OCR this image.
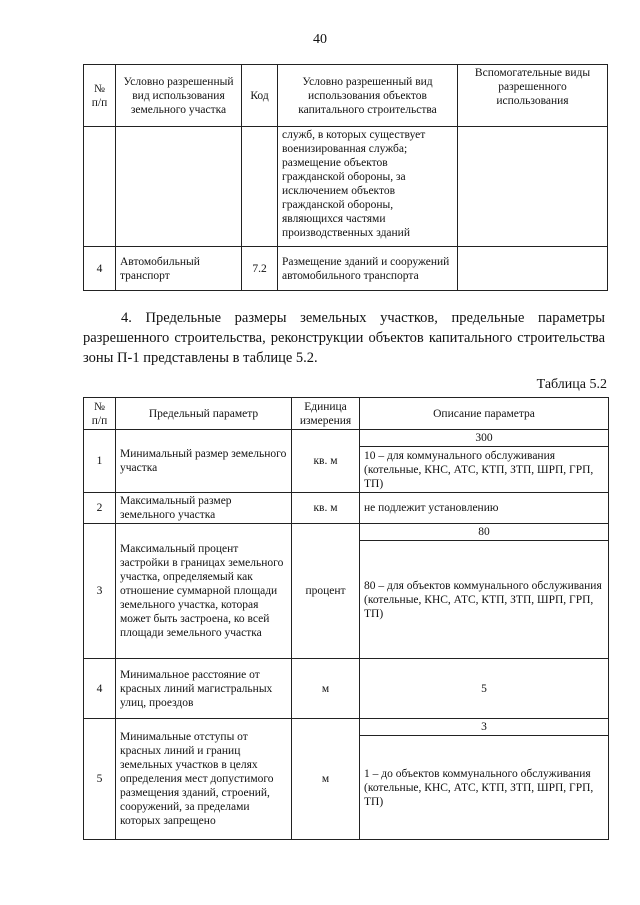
40
№ п/п	Условно разрешенный вид использования земельного участка	Код	Условно разрешенный вид использования объектов капитального строительства	Вспомогательные виды разрешенного использования
			служб, в которых существует военизированная служба; размещение объектов гражданской обороны, за исключением объектов гражданской обороны, являющихся частями производственных зданий	
4	Автомобильный транспорт	7.2	Размещение зданий и сооружений автомобильного транспорта	

4. Предельные размеры земельных участков, предельные параметры разрешенного строительства, реконструкции объектов капитального строительства зоны П-1 представлены в таблице 5.2.

Таблица 5.2
№ п/п	Предельный параметр	Единица измерения	Описание параметра
1	Минимальный размер земельного участка	кв. м	300
10 – для коммунального обслуживания (котельные, КНС, АТС, КТП, ЗТП, ШРП, ГРП, ТП)

2	Максимальный размер земельного участка	кв. м	не подлежит установлению
3	Максимальный процент застройки в границах земельного участка, определяемый как отношение суммарной площади земельного участка, которая может быть застроена, ко всей площади земельного участка	процент	80
80 – для объектов коммунального обслуживания (котельные, КНС, АТС, КТП, ЗТП, ШРП, ГРП, ТП)

4	Минимальное расстояние от красных линий магистральных улиц, проездов	м	5
5	Минимальные отступы от красных линий и границ земельных участков в целях определения мест допустимого размещения зданий, строений, сооружений, за пределами которых запрещено	м	3
1 – до объектов коммунального обслуживания (котельные, КНС, АТС, КТП, ЗТП, ШРП, ГРП, ТП)
